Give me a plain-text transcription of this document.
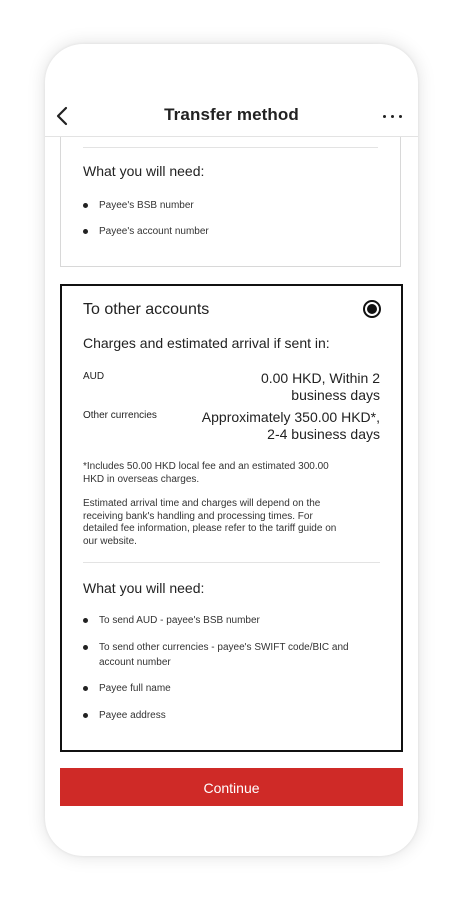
Transfer method
What you will need:
Payee's BSB number
Payee's account number
To other accounts
Charges and estimated arrival if sent in:
AUD	0.00 HKD, Within 2
business days
Other currencies	Approximately 350.00 HKD*,
2-4 business days
*Includes 50.00 HKD local fee and an estimated 300.00
HKD in overseas charges.
Estimated arrival time and charges will depend on the
receiving bank's handling and processing times. For
detailed fee information, please refer to the tariff guide on
our website.
What you will need:
To send AUD - payee's BSB number
To send other currencies - payee's SWIFT code/BIC and
account number
Payee full name
Payee address
Continue
